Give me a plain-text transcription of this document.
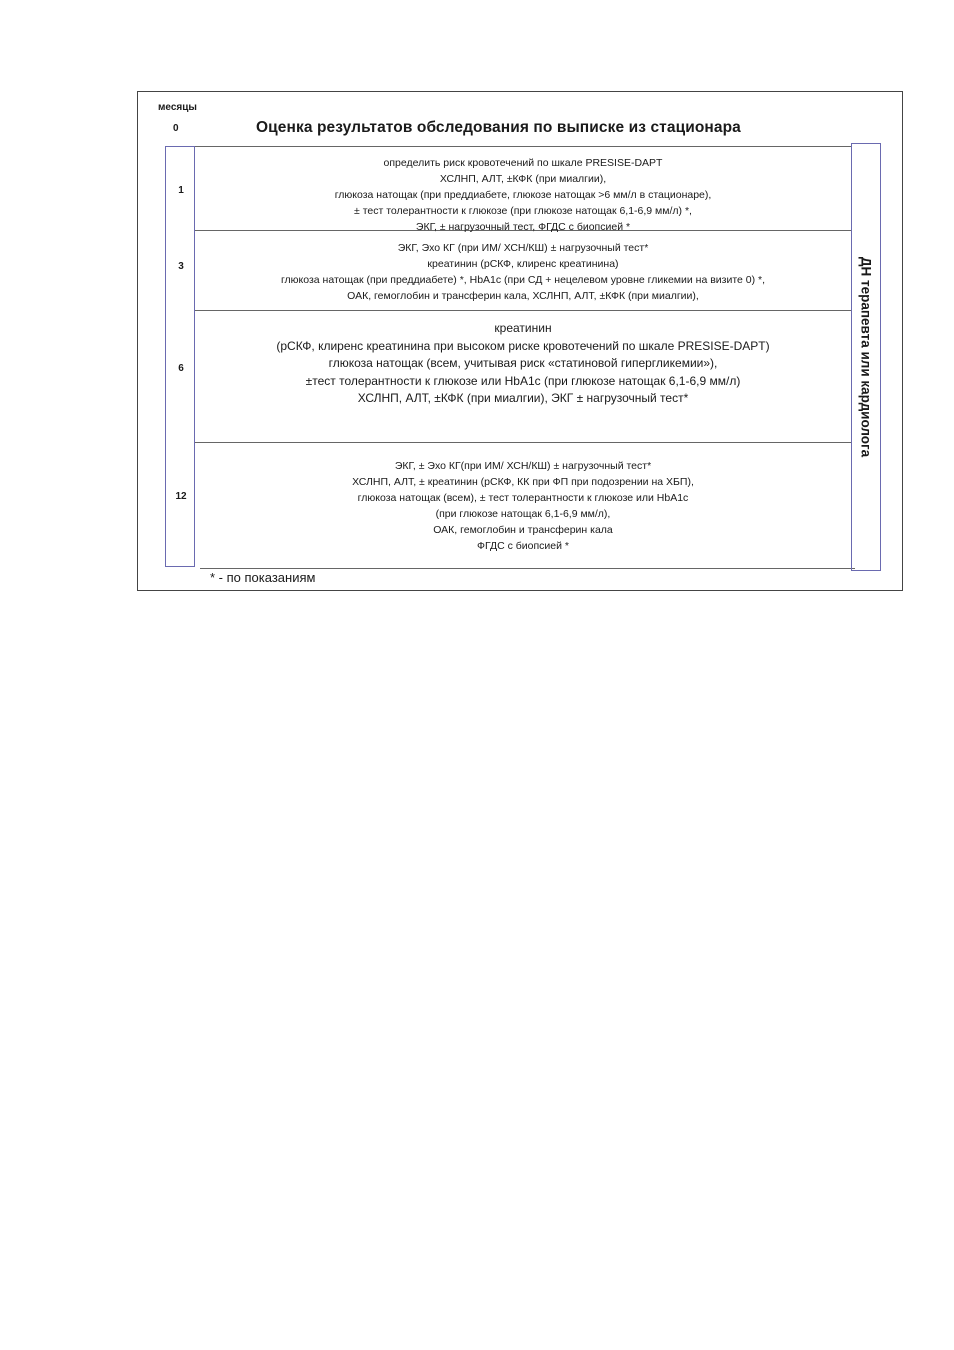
месяцы
0	Оценка результатов обследования по выписке из стационара
1
3
6
12
определить риск кровотечений по шкале PRESISE-DAPT
ХСЛНП, АЛТ, ±КФК (при миалгии),
глюкоза натощак (при преддиабете, глюкозе натощак >6 мм/л в стационаре),
± тест толерантности к глюкозе (при глюкозе натощак 6,1-6,9 мм/л) *,
ЭКГ, ± нагрузочный тест, ФГДС с биопсией *
ЭКГ, Эхо КГ (при ИМ/ ХСН/КШ) ± нагрузочный тест*
креатинин (рСКФ, клиренс креатинина)
глюкоза натощак (при преддиабете) *, HbA1c (при СД + нецелевом уровне гликемии на визите 0) *,
ОАК, гемоглобин и трансферин кала, ХСЛНП, АЛТ, ±КФК (при миалгии),
креатинин
(рСКФ, клиренс креатинина при высоком риске кровотечений по шкале PRESISE-DAPT)
глюкоза натощак (всем, учитывая риск «статиновой гипергликемии»),
±тест толерантности к глюкозе или HbA1c (при глюкозе натощак 6,1-6,9 мм/л)
ХСЛНП, АЛТ, ±КФК (при миалгии), ЭКГ ± нагрузочный тест*
ЭКГ, ± Эхо КГ(при ИМ/ ХСН/КШ) ± нагрузочный тест*
ХСЛНП, АЛТ, ± креатинин (рСКФ, КК при ФП при подозрении на ХБП),
глюкоза натощак (всем), ± тест толерантности к глюкозе или HbA1c
(при глюкозе натощак 6,1-6,9 мм/л),
ОАК, гемоглобин и трансферин кала
ФГДС с биопсией *
ДН терапевта или кардиолога
* - по показаниям
